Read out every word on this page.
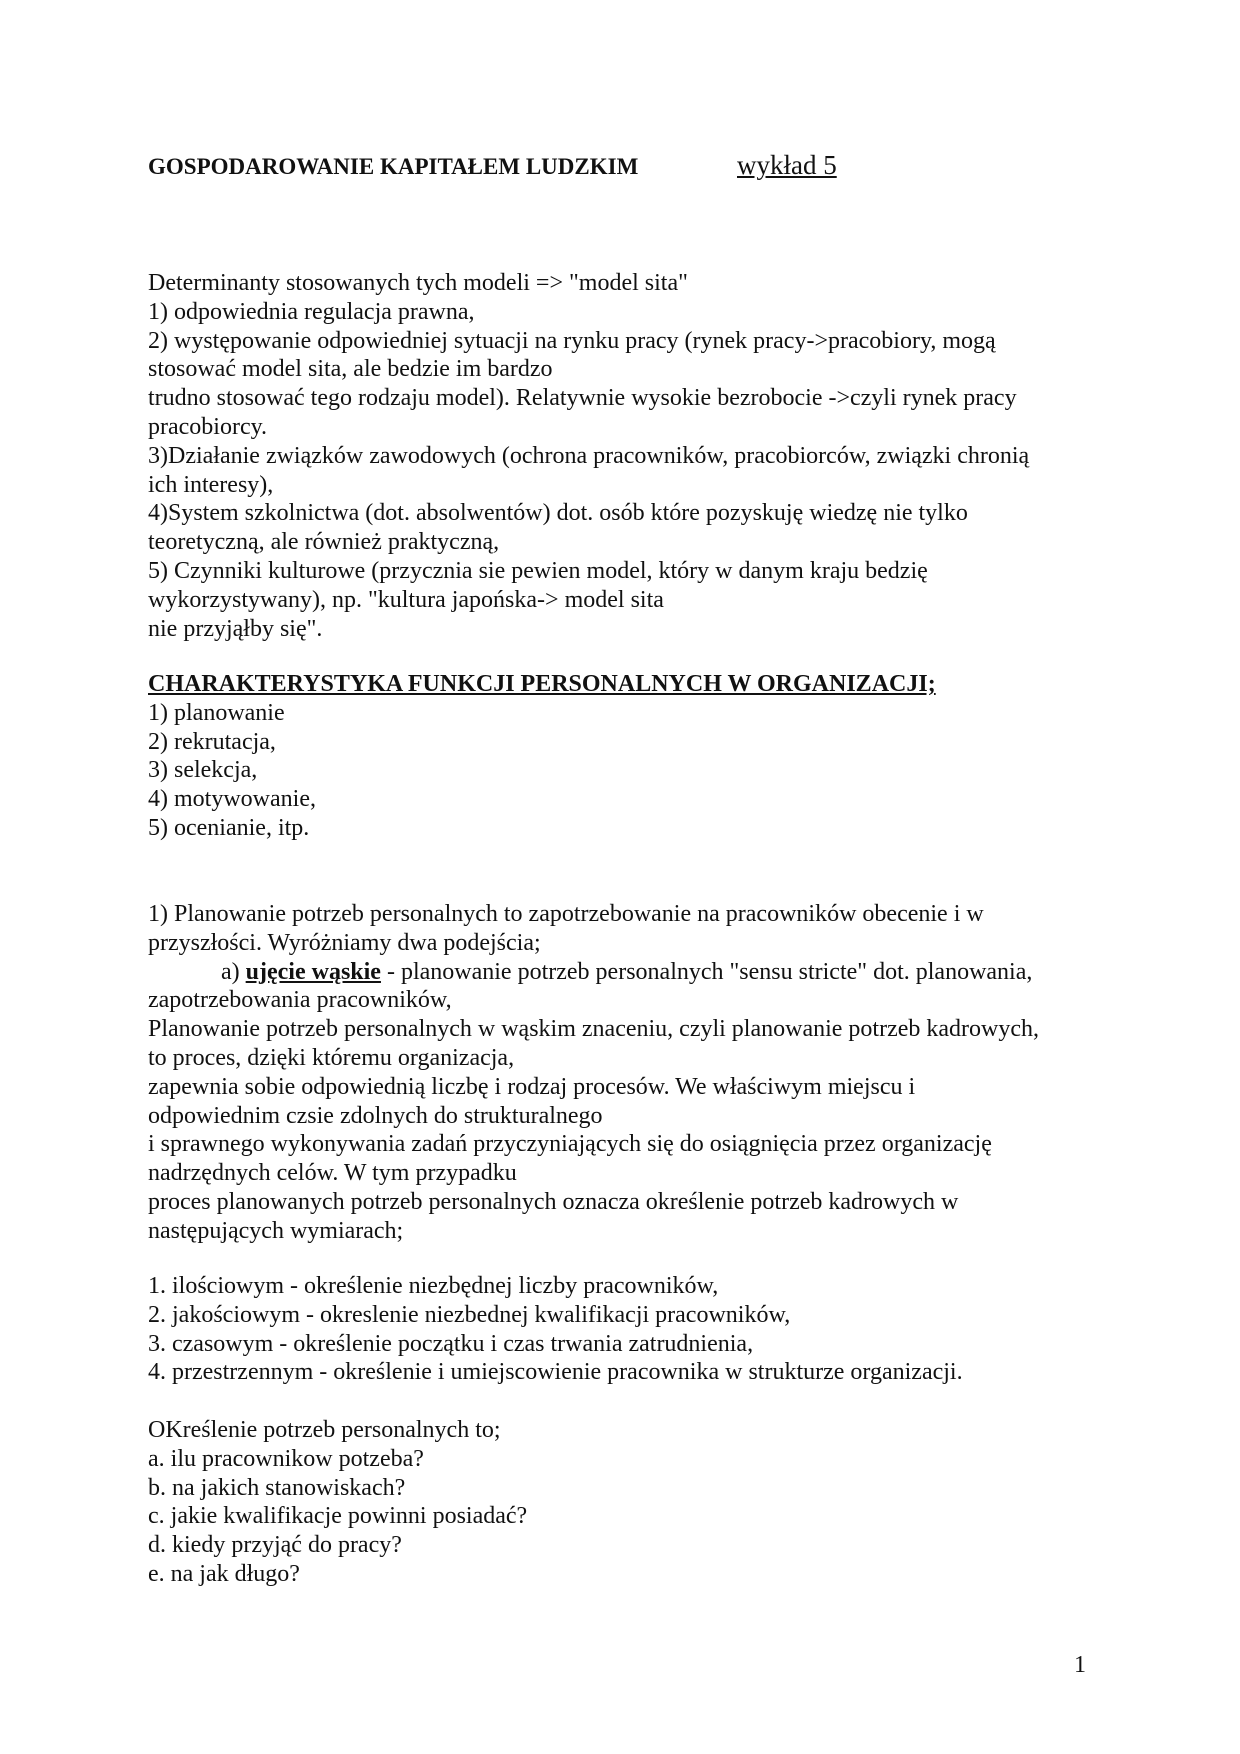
GOSPODAROWANIE KAPITAŁEM LUDZKIM	wykład 5
Determinanty stosowanych tych modeli => "model sita"
1) odpowiednia regulacja prawna,
2) występowanie odpowiedniej sytuacji na rynku pracy (rynek pracy->pracobiory, mogą
stosować model sita, ale bedzie im bardzo
trudno stosować tego rodzaju model). Relatywnie wysokie bezrobocie ->czyli rynek pracy
pracobiorcy.
3)Działanie związków zawodowych (ochrona pracowników, pracobiorców, związki chronią
ich interesy),
4)System szkolnictwa (dot. absolwentów) dot. osób które pozyskuję wiedzę nie tylko
teoretyczną, ale również praktyczną,
5) Czynniki kulturowe (przycznia sie pewien model, który w danym kraju bedzię
wykorzystywany), np. "kultura japońska-> model sita
nie przyjąłby się".
CHARAKTERYSTYKA FUNKCJI PERSONALNYCH W ORGANIZACJI;
1) planowanie
2) rekrutacja,
3) selekcja,
4) motywowanie,
5) ocenianie, itp.
1) Planowanie potrzeb personalnych to zapotrzebowanie na pracowników obecenie i w
przyszłości. Wyróżniamy dwa podejścia;
a) ujęcie wąskie - planowanie potrzeb personalnych "sensu stricte" dot. planowania,
zapotrzebowania pracowników,
Planowanie potrzeb personalnych w wąskim znaceniu, czyli planowanie potrzeb kadrowych,
to proces, dzięki któremu organizacja,
zapewnia sobie odpowiednią liczbę i rodzaj procesów. We właściwym miejscu i
odpowiednim czsie zdolnych do strukturalnego
i sprawnego wykonywania zadań przyczyniających się do osiągnięcia przez organizację
nadrzędnych celów. W tym przypadku
proces planowanych potrzeb personalnych oznacza określenie potrzeb kadrowych w
następujących wymiarach;
1. ilościowym - określenie niezbędnej liczby pracowników,
2. jakościowym - okreslenie niezbednej kwalifikacji pracowników,
3. czasowym - określenie początku i czas trwania zatrudnienia,
4. przestrzennym - określenie i umiejscowienie pracownika w strukturze organizacji.
OKreślenie potrzeb personalnych to;
a. ilu pracownikow potzeba?
b. na jakich stanowiskach?
c. jakie kwalifikacje powinni posiadać?
d. kiedy przyjąć do pracy?
e. na jak długo?
1
